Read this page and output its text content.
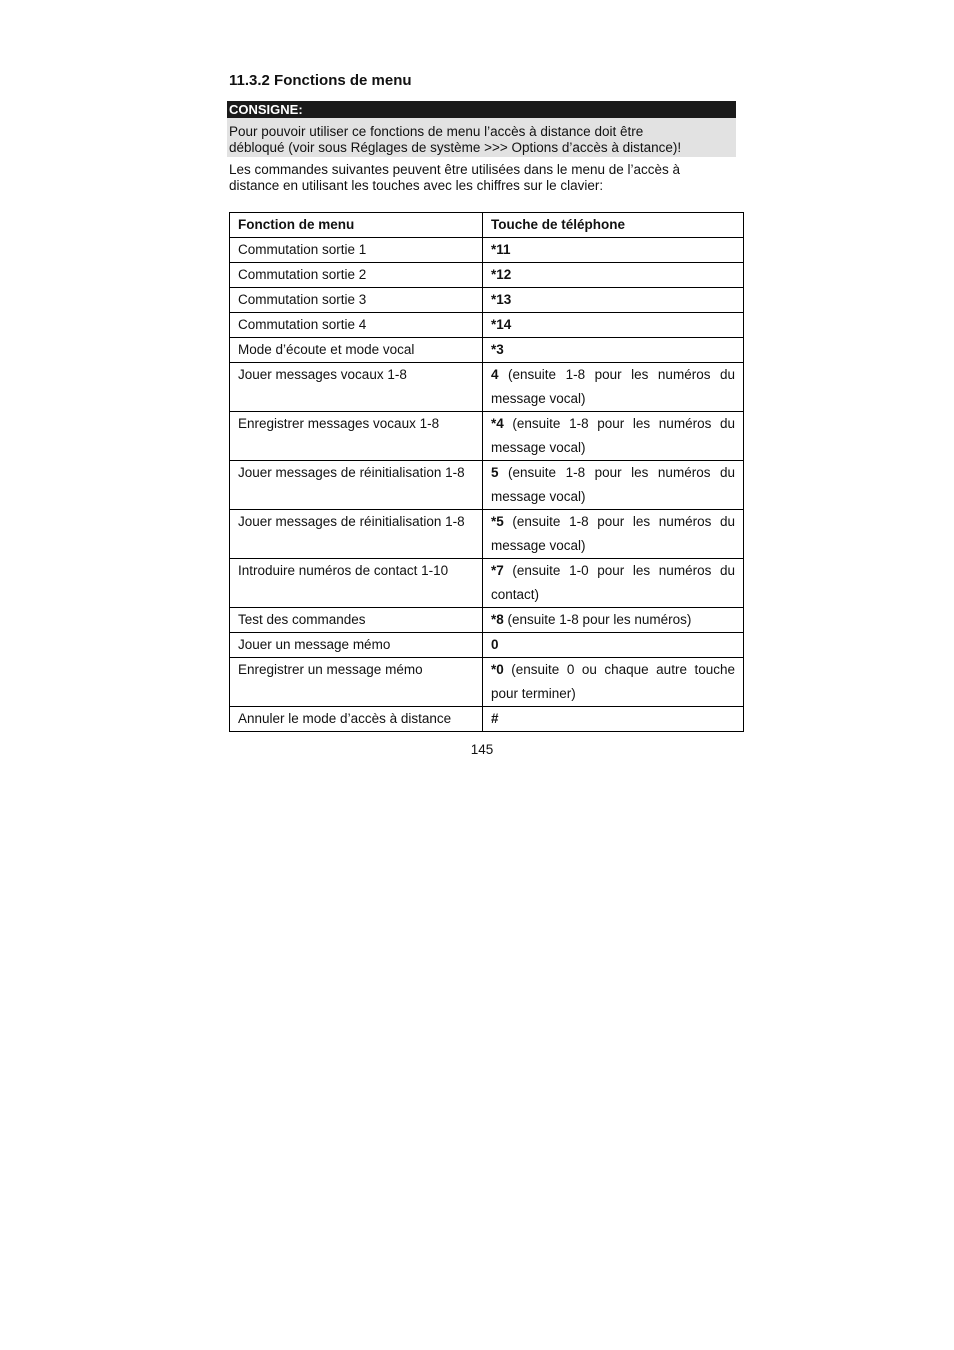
11.3.2 Fonctions de menu
CONSIGNE:
Pour pouvoir utiliser ce fonctions de menu l’accès à distance doit être
débloqué (voir sous Réglages de système >>> Options d’accès à distance)!
Les commandes suivantes peuvent être utilisées dans le menu de l’accès à
distance en utilisant les touches avec les chiffres sur le clavier:
Fonction de menu	Touche de téléphone
Commutation sortie 1	*11
Commutation sortie 2	*12
Commutation sortie 3	*13
Commutation sortie 4	*14
Mode d’écoute et mode vocal	*3
Jouer messages vocaux 1-8	4 (ensuite 1-8 pour les numéros du message vocal)
Enregistrer messages vocaux 1-8	*4 (ensuite 1-8 pour les numéros du message vocal)
Jouer messages de réinitialisation 1-8	5 (ensuite 1-8 pour les numéros du message vocal)
Jouer messages de réinitialisation 1-8	*5 (ensuite 1-8 pour les numéros du message vocal)
Introduire numéros de contact 1-10	*7 (ensuite 1-0 pour les numéros du contact)
Test des commandes	*8 (ensuite 1-8 pour les numéros)
Jouer un message mémo	0
Enregistrer un message mémo	*0 (ensuite 0 ou chaque autre touche pour terminer)
Annuler le mode d’accès à distance	#
145
